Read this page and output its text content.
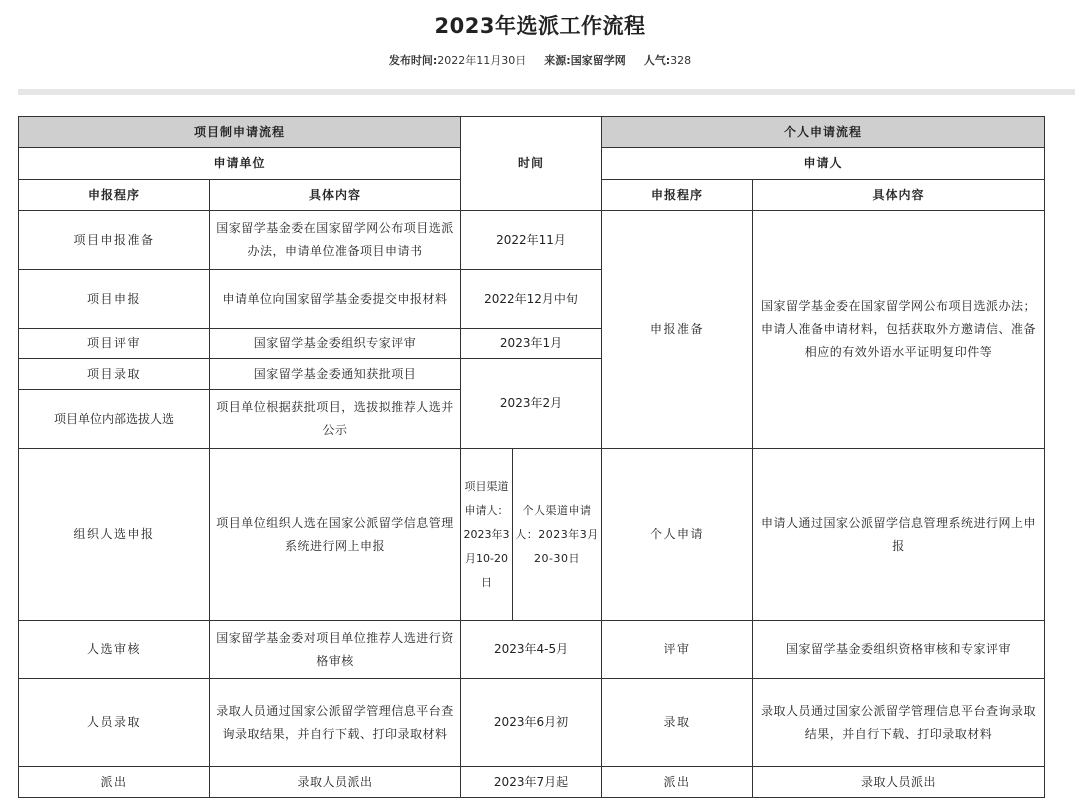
2023年选派工作流程
发布时间:2022年11月30日 来源:国家留学网 人气:328
项目制申请流程		时间		个人申请流程	
申请单位				申请人	
申报程序	具体内容			申报程序	具体内容
项目申报准备	国家留学基金委在国家留学网公布项目选派办法，申请单位准备项目申请书	2022年11月		申报准备	国家留学基金委在国家留学网公布项目选派办法；申请人准备申请材料，包括获取外方邀请信、准备相应的有效外语水平证明复印件等
项目申报	申请单位向国家留学基金委提交申报材料	2022年12月中旬			
项目评审	国家留学基金委组织专家评审	2023年1月			
项目录取	国家留学基金委通知获批项目	2023年2月			
项目单位内部选拔人选	项目单位根据获批项目，选拔拟推荐人选并公示				
组织人选申报	项目单位组织人选在国家公派留学信息管理系统进行网上申报	项目渠道申请人：2023年3月10-20日	个人渠道申请人：2023年3月20-30日	个人申请	申请人通过国家公派留学信息管理系统进行网上申报
人选审核	国家留学基金委对项目单位推荐人选进行资格审核	2023年4-5月		评审	国家留学基金委组织资格审核和专家评审
人员录取	录取人员通过国家公派留学管理信息平台查询录取结果，并自行下载、打印录取材料	2023年6月初		录取	录取人员通过国家公派留学管理信息平台查询录取结果，并自行下载、打印录取材料
派出	录取人员派出	2023年7月起		派出	录取人员派出
